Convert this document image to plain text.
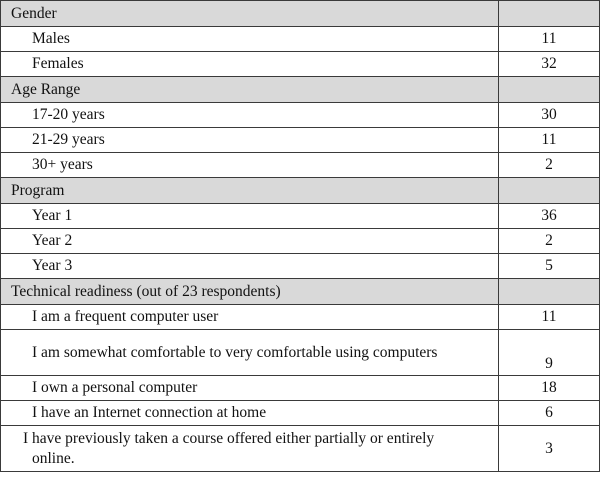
Gender	
Males	11
Females	32
Age Range	
17-20 years	30
21-29 years	11
30+ years	2
Program	
Year 1	36
Year 2	2
Year 3	5
Technical readiness (out of 23 respondents)	
I am a frequent computer user	11
I am somewhat comfortable to very comfortable using computers	9
I own a personal computer	18
I have an Internet connection at home	6
I have previously taken a course offered either partially or entirely online.	3
